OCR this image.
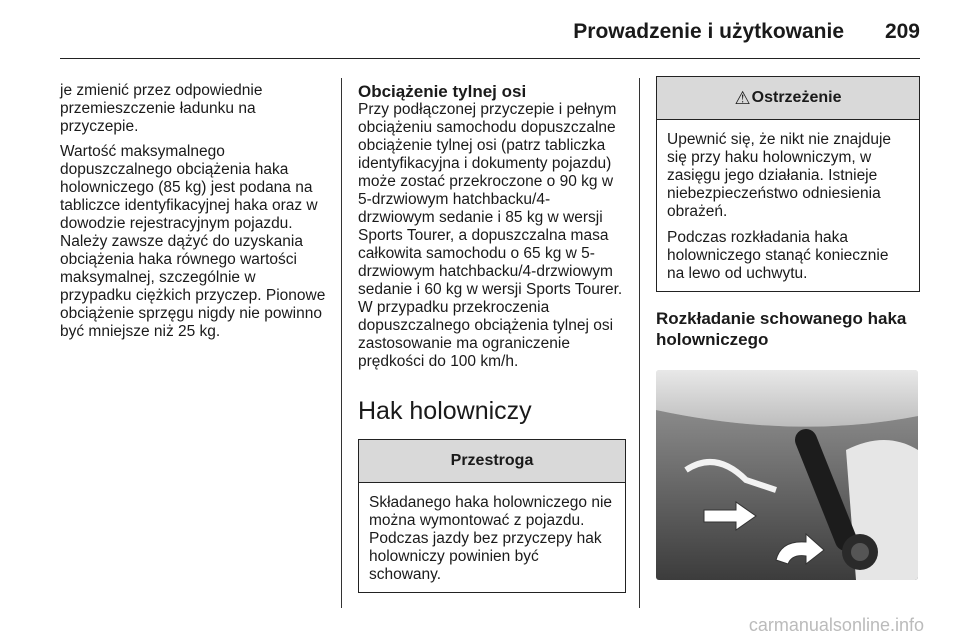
Prowadzenie i użytkowanie 209

je zmienić przez odpowiednie przemieszczenie ładunku na przyczepie.

Wartość maksymalnego dopuszczalnego obciążenia haka holowniczego (85 kg) jest podana na tabliczce identyfikacyjnej haka oraz w dowodzie rejestracyjnym pojazdu. Należy zawsze dążyć do uzyskania obciążenia haka równego wartości maksymalnej, szczególnie w przypadku ciężkich przyczep. Pionowe obciążenie sprzęgu nigdy nie powinno być mniejsze niż 25 kg.

Obciążenie tylnej osi

Przy podłączonej przyczepie i pełnym obciążeniu samochodu dopuszczalne obciążenie tylnej osi (patrz tabliczka identyfikacyjna i dokumenty pojazdu) może zostać przekroczone o 90 kg w 5-drzwiowym hatchbacku/4-drzwiowym sedanie i 85 kg w wersji Sports Tourer, a dopuszczalna masa całkowita samochodu o 65 kg w 5-drzwiowym hatchbacku/4-drzwiowym sedanie i 60 kg w wersji Sports Tourer. W przypadku przekroczenia dopuszczalnego obciążenia tylnej osi zastosowanie ma ograniczenie prędkości do 100 km/h.

Hak holowniczy
Przestroga

Składanego haka holowniczego nie można wymontować z pojazdu. Podczas jazdy bez przyczepy hak holowniczy powinien być schowany.

⚠ Ostrzeżenie

Upewnić się, że nikt nie znajduje się przy haku holowniczym, w zasięgu jego działania. Istnieje niebezpieczeństwo odniesienia obrażeń.

Podczas rozkładania haka holowniczego stanąć koniecznie na lewo od uchwytu.

Rozkładanie schowanego haka holowniczego
carmanualsonline.info
